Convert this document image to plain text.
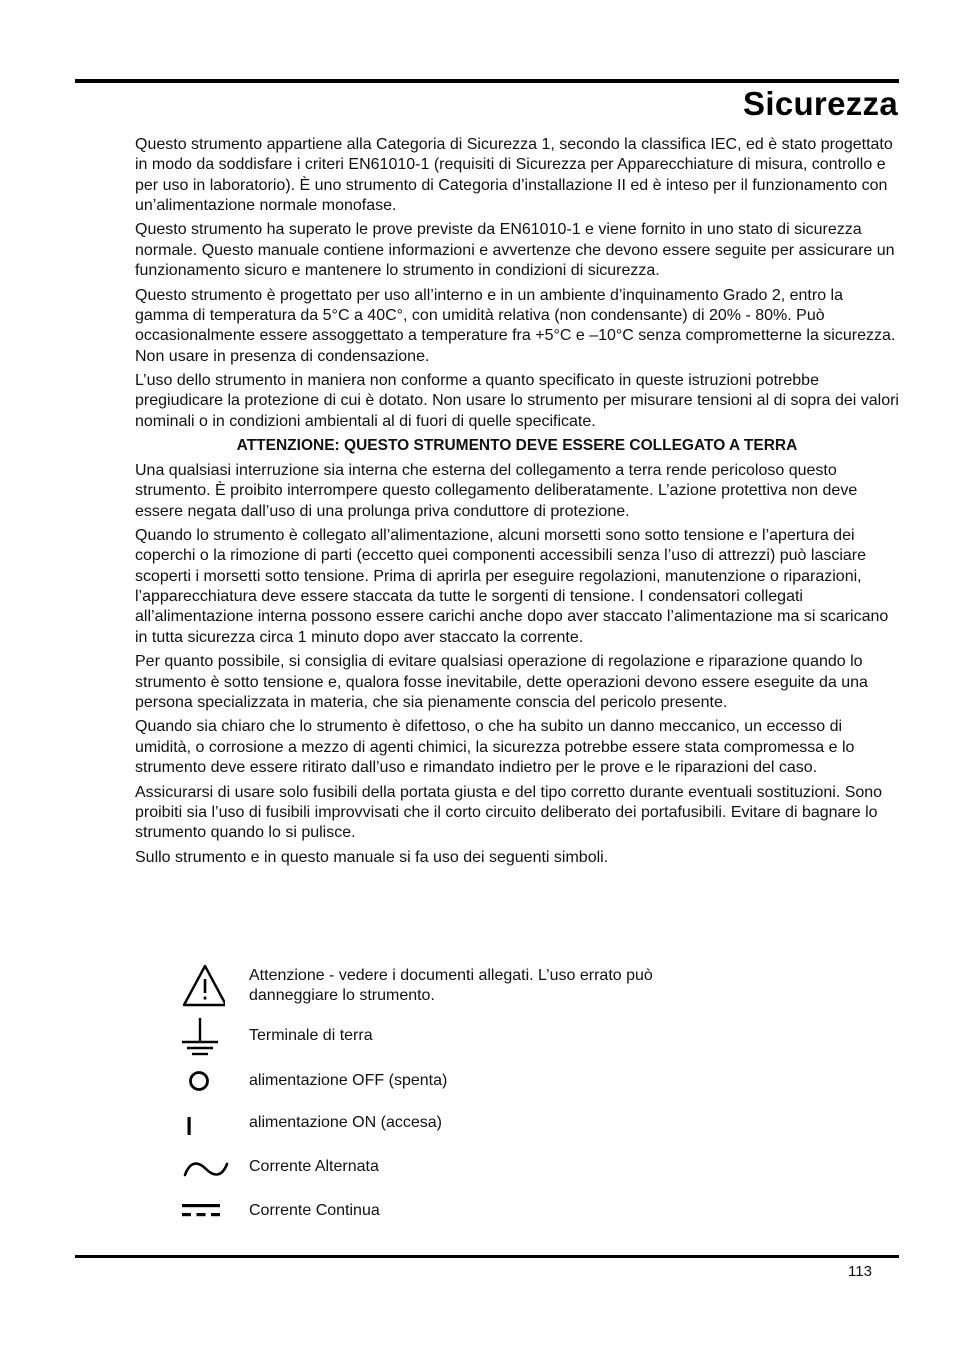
Sicurezza

Questo strumento appartiene alla Categoria di Sicurezza 1, secondo la classifica IEC, ed è stato progettato in modo da soddisfare i criteri EN61010-1 (requisiti di Sicurezza per Apparecchiature di misura, controllo e per uso in laboratorio). È uno strumento di Categoria d’installazione II ed è inteso per il funzionamento con un’alimentazione normale monofase.

Questo strumento ha superato le prove previste da EN61010-1 e viene fornito in uno stato di sicurezza normale. Questo manuale contiene informazioni e avvertenze che devono essere seguite per assicurare un funzionamento sicuro e mantenere lo strumento in condizioni di sicurezza.

Questo strumento è progettato per uso all’interno e in un ambiente d’inquinamento Grado 2, entro la gamma di temperatura da 5°C a 40C°, con umidità relativa (non condensante) di 20% - 80%. Può occasionalmente essere assoggettato a temperature fra +5°C e –10°C senza comprometterne la sicurezza. Non usare in presenza di condensazione.

L’uso dello strumento in maniera non conforme a quanto specificato in queste istruzioni potrebbe pregiudicare la protezione di cui è dotato. Non usare lo strumento per misurare tensioni al di sopra dei valori nominali o in condizioni ambientali al di fuori di quelle specificate.

ATTENZIONE: QUESTO STRUMENTO DEVE ESSERE COLLEGATO A TERRA

Una qualsiasi interruzione sia interna che esterna del collegamento a terra rende pericoloso questo strumento. È proibito interrompere questo collegamento deliberatamente. L’azione protettiva non deve essere negata dall’uso di una prolunga priva conduttore di protezione.

Quando lo strumento è collegato all’alimentazione, alcuni morsetti sono sotto tensione e l’apertura dei coperchi o la rimozione di parti (eccetto quei componenti accessibili senza l’uso di attrezzi) può lasciare scoperti i morsetti sotto tensione. Prima di aprirla per eseguire regolazioni, manutenzione o riparazioni, l’apparecchiatura deve essere staccata da tutte le sorgenti di tensione. I condensatori collegati all’alimentazione interna possono essere carichi anche dopo aver staccato l’alimentazione ma si scaricano in tutta sicurezza circa 1 minuto dopo aver staccato la corrente.

Per quanto possibile, si consiglia di evitare qualsiasi operazione di regolazione e riparazione quando lo strumento è sotto tensione e, qualora fosse inevitabile, dette operazioni devono essere eseguite da una persona specializzata in materia, che sia pienamente conscia del pericolo presente.

Quando sia chiaro che lo strumento è difettoso, o che ha subito un danno meccanico, un eccesso di umidità, o corrosione a mezzo di agenti chimici, la sicurezza potrebbe essere stata compromessa e lo strumento deve essere ritirato dall’uso e rimandato indietro per le prove e le riparazioni del caso.

Assicurarsi di usare solo fusibili della portata giusta e del tipo corretto durante eventuali sostituzioni. Sono proibiti sia l’uso di fusibili improvvisati che il corto circuito deliberato dei portafusibili. Evitare di bagnare lo strumento quando lo si pulisce.

Sullo strumento e in questo manuale si fa uso dei seguenti simboli.

Attenzione - vedere i documenti allegati. L’uso errato può danneggiare lo strumento.
Terminale di terra
alimentazione OFF (spenta)
alimentazione ON (accesa)
Corrente Alternata
Corrente Continua
113
